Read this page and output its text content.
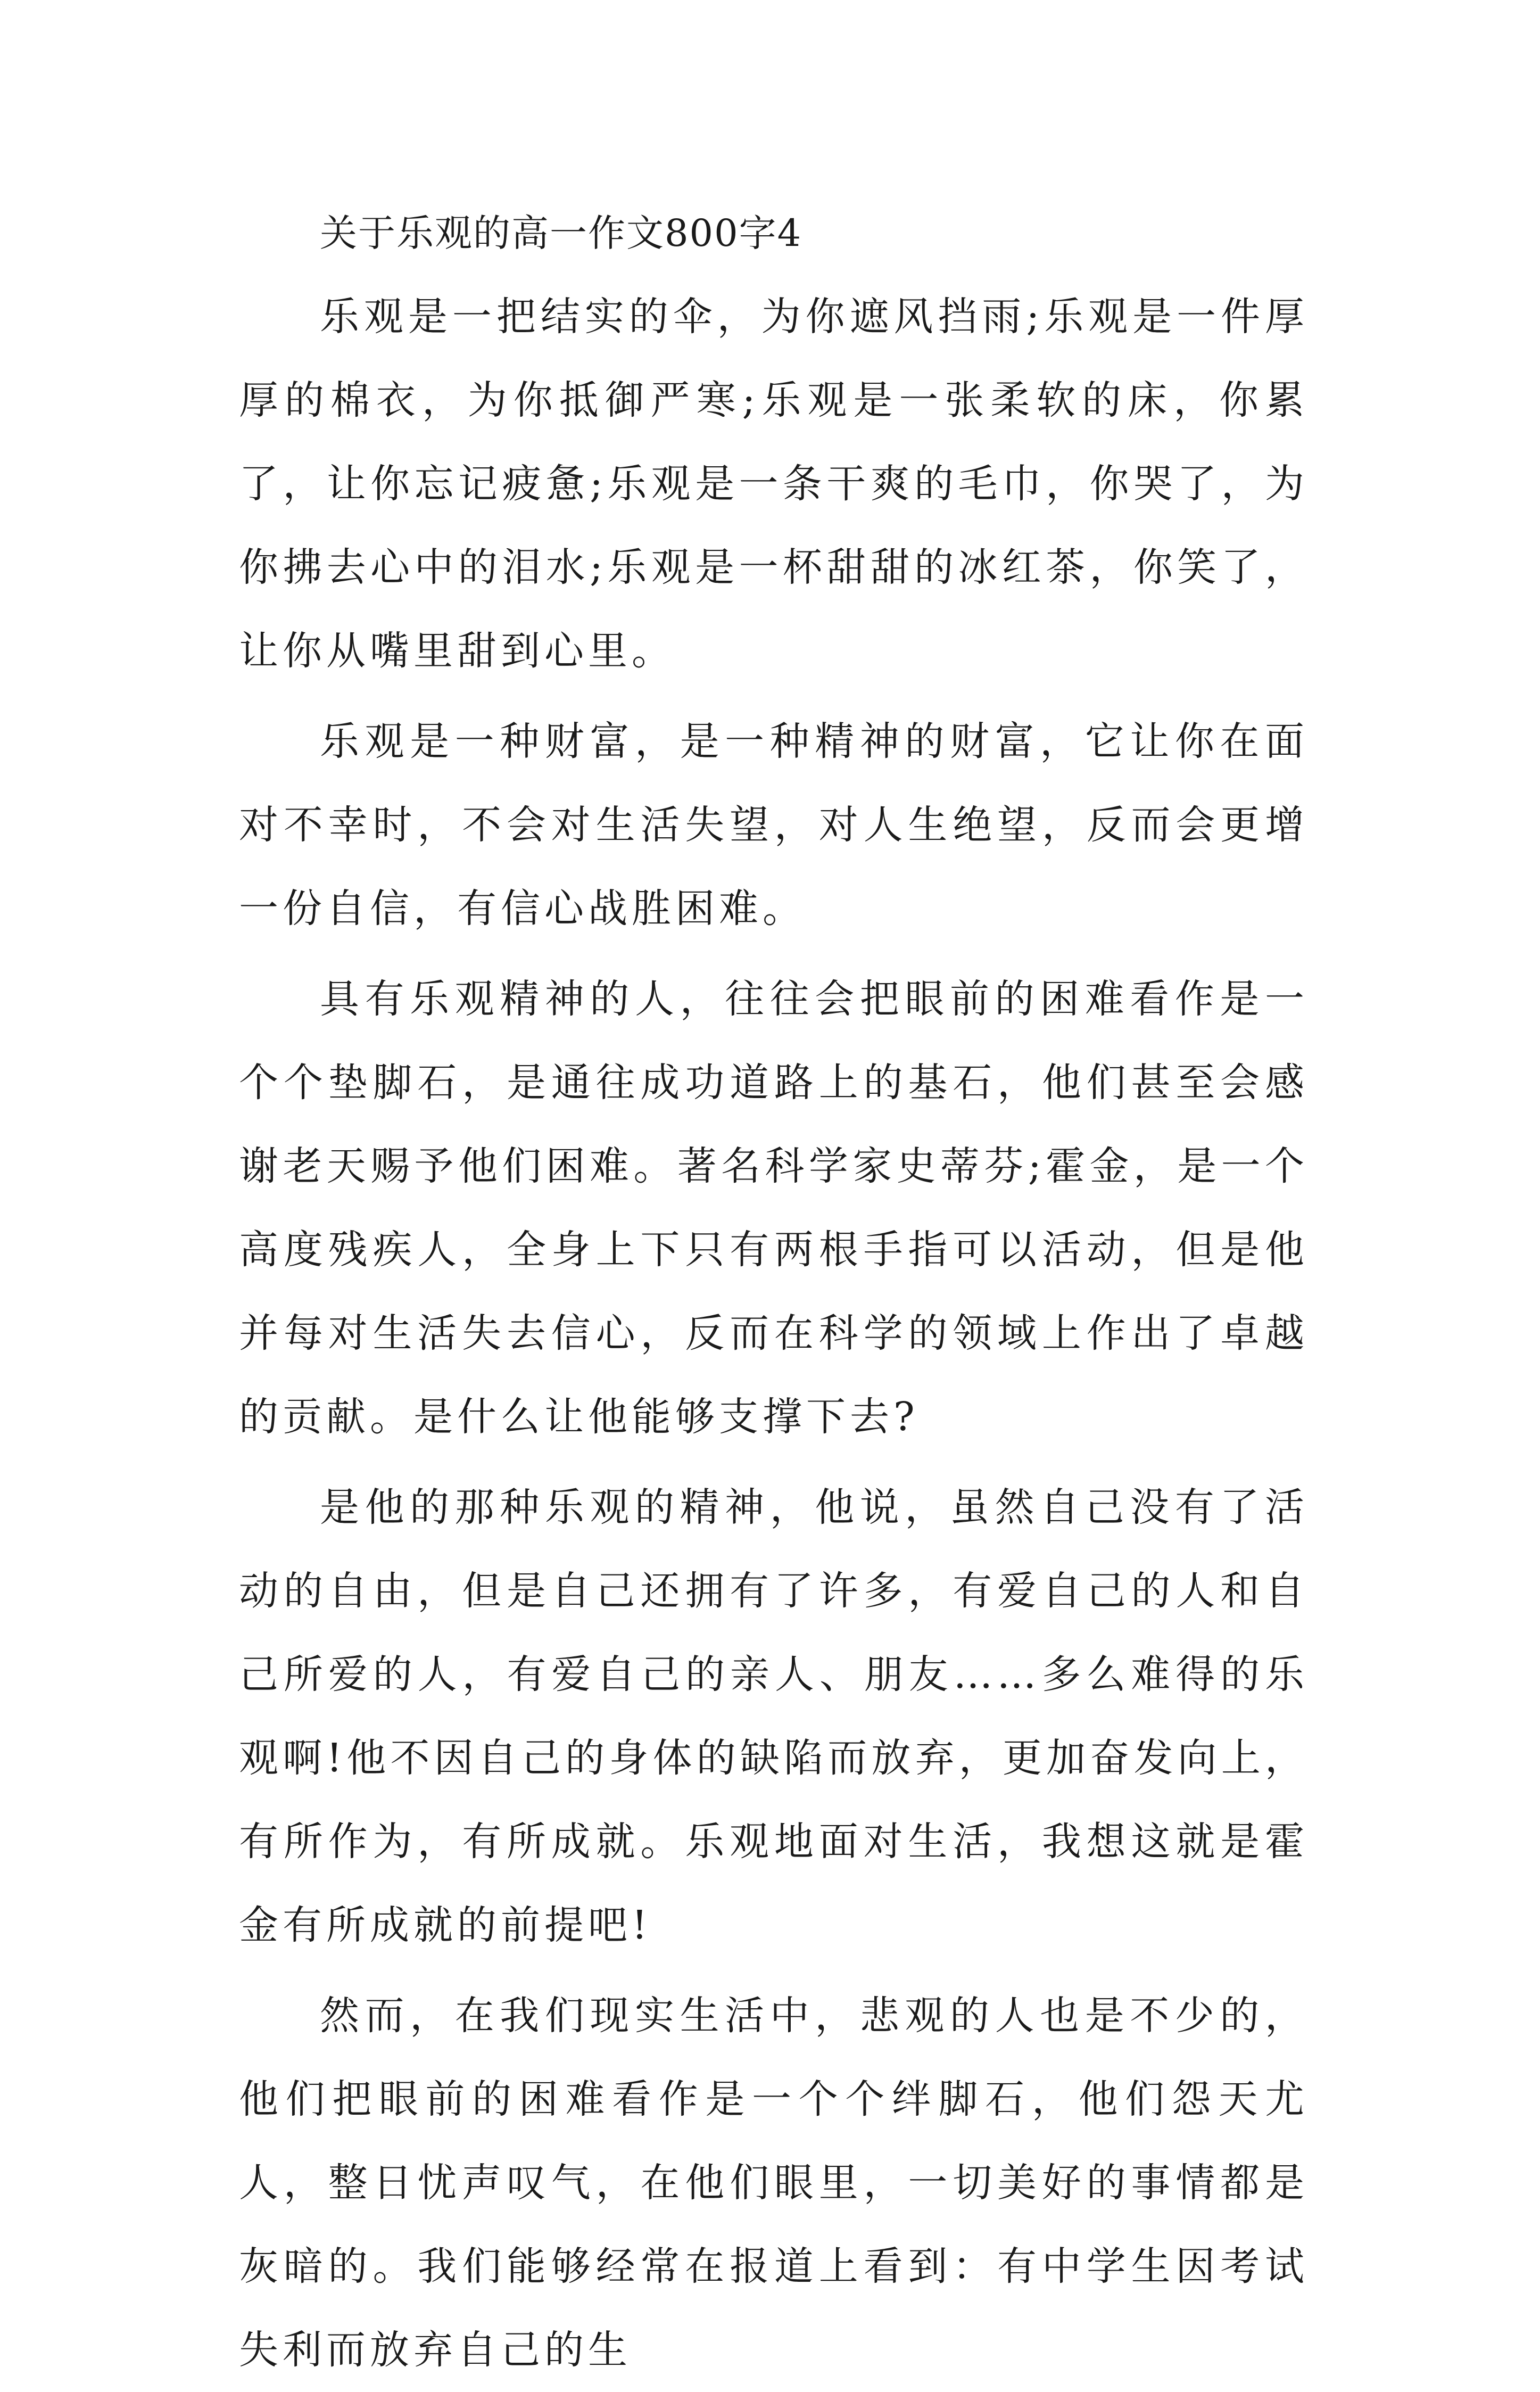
关于乐观的高一作文800字4

乐观是一把结实的伞，为你遮风挡雨;乐观是一件厚厚的棉衣，为你抵御严寒;乐观是一张柔软的床，你累了，让你忘记疲惫;乐观是一条干爽的毛巾，你哭了，为你拂去心中的泪水;乐观是一杯甜甜的冰红茶，你笑了，让你从嘴里甜到心里。

乐观是一种财富，是一种精神的财富，它让你在面对不幸时，不会对生活失望，对人生绝望，反而会更增一份自信，有信心战胜困难。

具有乐观精神的人，往往会把眼前的困难看作是一个个垫脚石，是通往成功道路上的基石，他们甚至会感谢老天赐予他们困难。著名科学家史蒂芬;霍金，是一个高度残疾人，全身上下只有两根手指可以活动，但是他并每对生活失去信心，反而在科学的领域上作出了卓越的贡献。是什么让他能够支撑下去?

是他的那种乐观的精神，他说，虽然自己没有了活动的自由，但是自己还拥有了许多，有爱自己的人和自己所爱的人，有爱自己的亲人、朋友……多么难得的乐观啊!他不因自己的身体的缺陷而放弃，更加奋发向上，有所作为，有所成就。乐观地面对生活，我想这就是霍金有所成就的前提吧!

然而，在我们现实生活中，悲观的人也是不少的，他们把眼前的困难看作是一个个绊脚石，他们怨天尤人，整日忧声叹气，在他们眼里，一切美好的事情都是灰暗的。我们能够经常在报道上看到：有中学生因考试失利而放弃自己的生
